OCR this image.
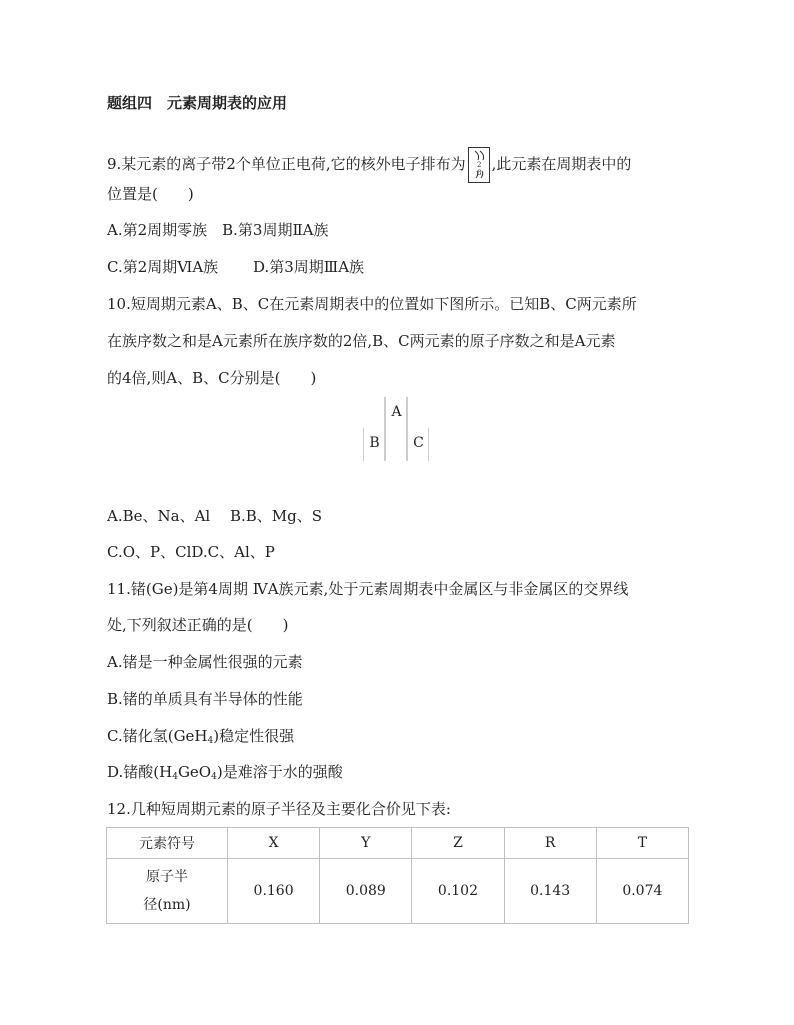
题组四　元素周期表的应用
9.某元素的离子带2个单位正电荷,它的核外电子排布为 2
8 ,此元素在周期表中的
位置是(　　)
A.第2周期零族　B.第3周期ⅡA族
C.第2周期ⅥA族　　 D.第3周期ⅢA族
10.短周期元素A、B、C在元素周期表中的位置如下图所示。已知B、C两元素所
在族序数之和是A元素所在族序数的2倍,B、C两元素的原子序数之和是A元素
的4倍,则A、B、C分别是(　　)
A
B	C
A.Be、Na、Al　 B.B、Mg、S
C.O、P、ClD.C、Al、P
11.锗(Ge)是第4周期 ⅣA族元素,处于元素周期表中金属区与非金属区的交界线
处,下列叙述正确的是(　　)
A.锗是一种金属性很强的元素
B.锗的单质具有半导体的性能
C.锗化氢(GeH$_4$)稳定性很强
D.锗酸$(H_4GeO_4)$是难溶于水的强酸
12.几种短周期元素的原子半径及主要化合价见下表:
元素符号	X	Y	Z	R	T

原子半
径(nm)	0.160	0.089	0.102	0.143	0.074
